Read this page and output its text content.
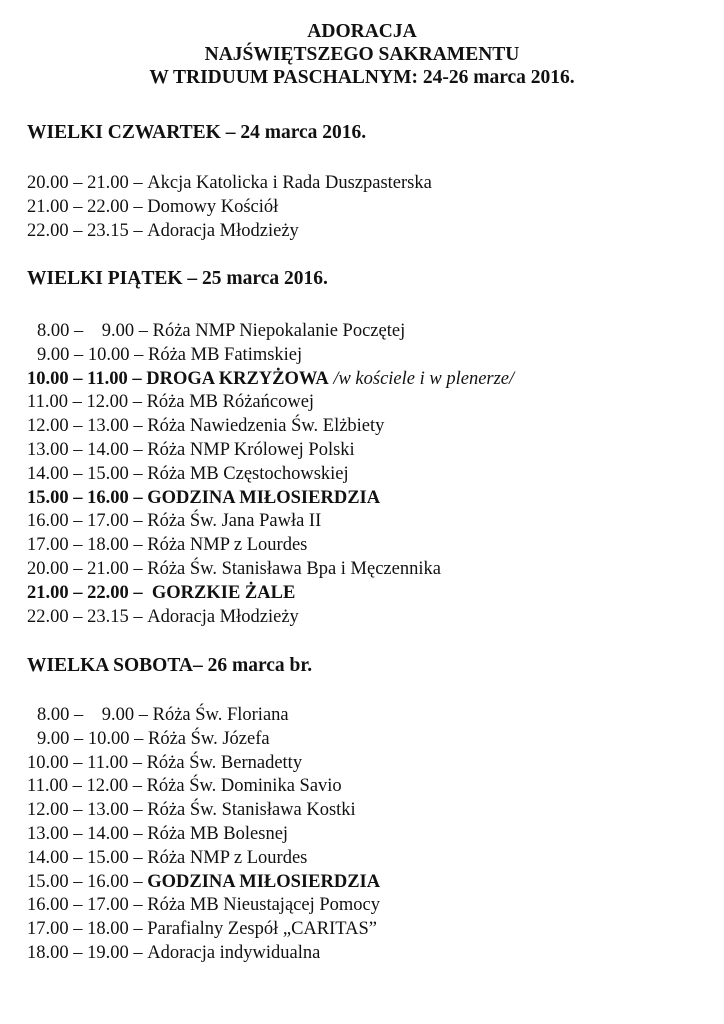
ADORACJA
NAJŚWIĘTSZEGO SAKRAMENTU
W TRIDUUM PASCHALNYM: 24-26 marca 2016.
WIELKI CZWARTEK – 24 marca 2016.
20.00 – 21.00 – Akcja Katolicka i Rada Duszpasterska
21.00 – 22.00 – Domowy Kościół
22.00 – 23.15 – Adoracja Młodzieży
WIELKI PIĄTEK – 25 marca 2016.
8.00 –    9.00 – Róża NMP Niepokalanie Poczętej
9.00 – 10.00 – Róża MB Fatimskiej
10.00 – 11.00 – DROGA KRZYŻOWA /w kościele i w plenerze/
11.00 – 12.00 – Róża MB Różańcowej
12.00 – 13.00 – Róża Nawiedzenia Św. Elżbiety
13.00 – 14.00 – Róża NMP Królowej Polski
14.00 – 15.00 – Róża MB Częstochowskiej
15.00 – 16.00 – GODZINA MIŁOSIERDZIA
16.00 – 17.00 – Róża Św. Jana Pawła II
17.00 – 18.00 – Róża NMP z Lourdes
20.00 – 21.00 – Róża Św. Stanisława Bpa i Męczennika
21.00 – 22.00 –  GORZKIE ŻALE
22.00 – 23.15 – Adoracja Młodzieży
WIELKA SOBOTA– 26 marca br.
8.00 –    9.00 – Róża Św. Floriana
9.00 – 10.00 – Róża Św. Józefa
10.00 – 11.00 – Róża Św. Bernadetty
11.00 – 12.00 – Róża Św. Dominika Savio
12.00 – 13.00 – Róża Św. Stanisława Kostki
13.00 – 14.00 – Róża MB Bolesnej
14.00 – 15.00 – Róża NMP z Lourdes
15.00 – 16.00 – GODZINA MIŁOSIERDZIA
16.00 – 17.00 – Róża MB Nieustającej Pomocy
17.00 – 18.00 – Parafialny Zespół „CARITAS”
18.00 – 19.00 – Adoracja indywidualna
